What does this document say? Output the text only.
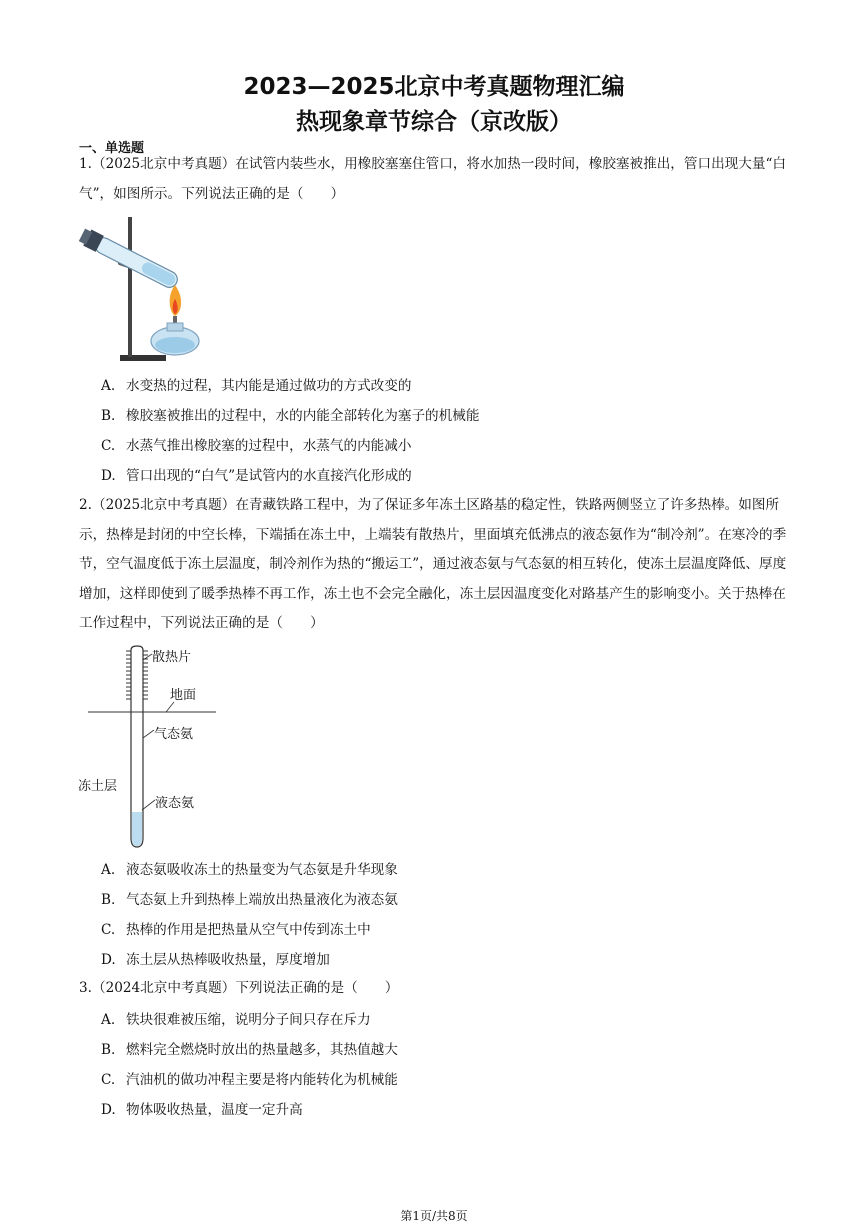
2023—2025北京中考真题物理汇编
热现象章节综合（京改版）
一、单选题
1.（2025北京中考真题）在试管内装些水，用橡胶塞塞住管口，将水加热一段时间，橡胶塞被推出，管口出现大量“白气”，如图所示。下列说法正确的是（　　）
A. 水变热的过程，其内能是通过做功的方式改变的
B. 橡胶塞被推出的过程中，水的内能全部转化为塞子的机械能
C. 水蒸气推出橡胶塞的过程中，水蒸气的内能减小
D. 管口出现的“白气”是试管内的水直接汽化形成的
2.（2025北京中考真题）在青藏铁路工程中，为了保证多年冻土区路基的稳定性，铁路两侧竖立了许多热棒。如图所示，热棒是封闭的中空长棒，下端插在冻土中，上端装有散热片，里面填充低沸点的液态氨作为“制冷剂”。在寒冷的季节，空气温度低于冻土层温度，制冷剂作为热的“搬运工”，通过液态氨与气态氨的相互转化，使冻土层温度降低、厚度增加，这样即使到了暖季热棒不再工作，冻土也不会完全融化，冻土层因温度变化对路基产生的影响变小。关于热棒在工作过程中，下列说法正确的是（　　）
散热片
地面
气态氨
冻土层
液态氨
A. 液态氨吸收冻土的热量变为气态氨是升华现象
B. 气态氨上升到热棒上端放出热量液化为液态氨
C. 热棒的作用是把热量从空气中传到冻土中
D. 冻土层从热棒吸收热量，厚度增加
3.（2024北京中考真题）下列说法正确的是（　　）
A. 铁块很难被压缩，说明分子间只存在斥力
B. 燃料完全燃烧时放出的热量越多，其热值越大
C. 汽油机的做功冲程主要是将内能转化为机械能
D. 物体吸收热量，温度一定升高
第1页/共8页
